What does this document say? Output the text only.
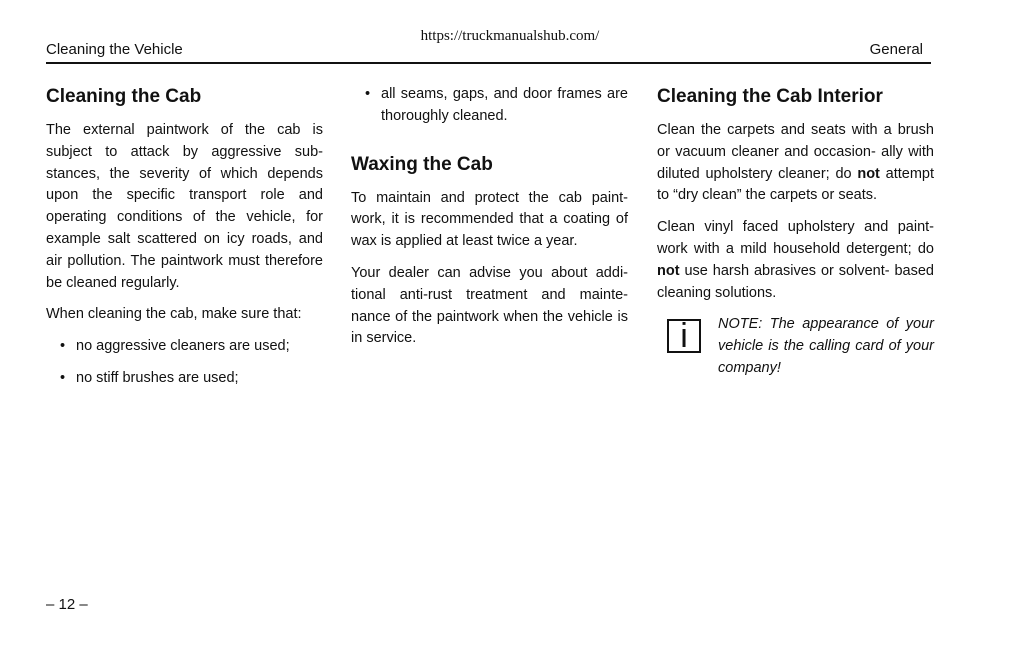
https://truckmanualshub.com/
Cleaning the Vehicle	General
Cleaning the Cab

The external paintwork of the cab is subject to attack by aggressive sub- stances, the severity of which depends upon the specific transport role and operating conditions of the vehicle, for example salt scattered on icy roads, and air pollution. The paintwork must therefore be cleaned regularly.

When cleaning the cab, make sure that:

• no aggressive cleaners are used;
• no stiff brushes are used;
• all seams, gaps, and door frames are thoroughly cleaned.
Waxing the Cab

To maintain and protect the cab paint- work, it is recommended that a coating of wax is applied at least twice a year.

Your dealer can advise you about addi- tional anti-rust treatment and mainte- nance of the paintwork when the vehicle is in service.

Cleaning the Cab Interior

Clean the carpets and seats with a brush or vacuum cleaner and occasion- ally with diluted upholstery cleaner; do not attempt to “dry clean” the carpets or seats.

Clean vinyl faced upholstery and paint- work with a mild household detergent; do not use harsh abrasives or solvent- based cleaning solutions.

i	NOTE: The appearance of your vehicle is the calling card of your company!
– 12 –
